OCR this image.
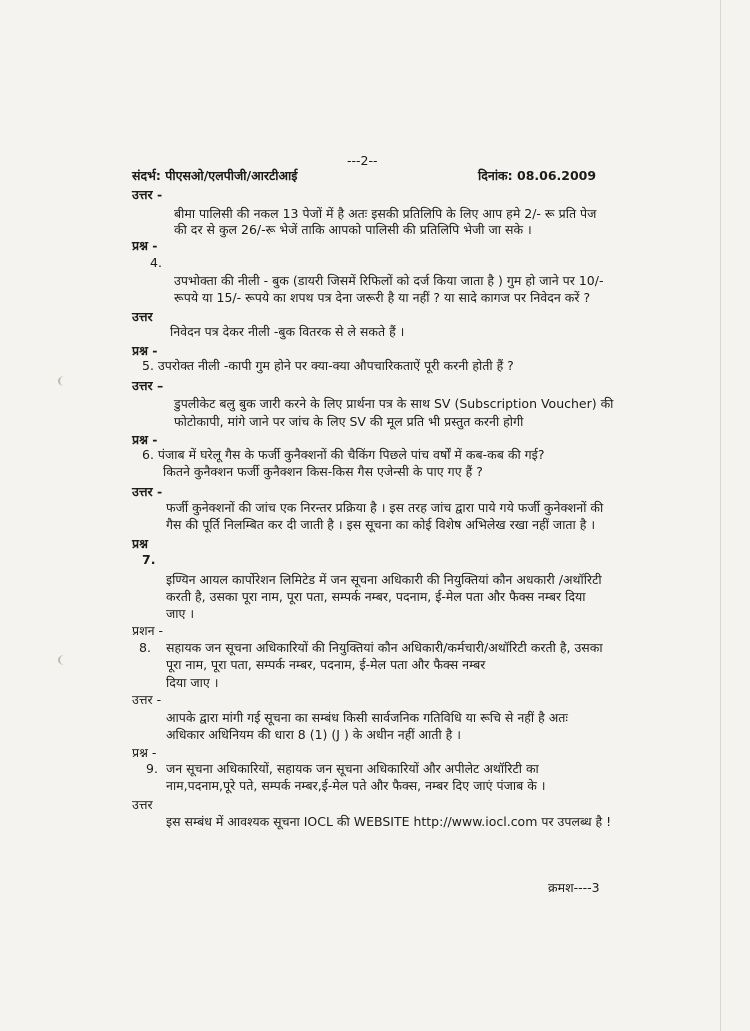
---2--
संदर्भ: पीएसओ/एलपीजी/आरटीआई	दिनांक: 08.06.2009
उत्तर -
बीमा पालिसी की नकल 13 पेजों में है अतः इसकी प्रतिलिपि के लिए आप हमे 2/- रू प्रति पेज
की दर से कुल 26/-रू भेजें ताकि आपको पालिसी की प्रतिलिपि भेजी जा सके ।
प्रश्न -
4.
उपभोक्ता की नीली - बुक (डायरी जिसमें रिफिलों को दर्ज किया जाता है ) गुम हो जाने पर 10/-
रूपये या 15/- रूपये का शपथ पत्र देना जरूरी है या नहीं ? या सादे कागज पर निवेदन करें ?
उत्तर
निवेदन पत्र देकर नीली -बुक वितरक से ले सकते हैं ।
प्रश्न -
5. उपरोक्त नीली -कापी गुम होने पर क्या-क्या औपचारिकताऐं पूरी करनी होती हैं ?
उत्तर –
डुपलीकेट बलु बुक जारी करने के लिए प्रार्थना पत्र के साथ SV (Subscription Voucher) की
फोटोकापी, मांगे जाने पर जांच के लिए SV की मूल प्रति भी प्रस्तुत करनी होगी
प्रश्न -
6. पंजाब में घरेलू गैस के फर्जी कुनैक्शनों की चैकिंग पिछले पांच वर्षों में कब-कब की गई?
कितने कुनैक्शन फर्जी कुनैक्शन किस-किस गैस एजेन्सी के पाए गए हैं ?
उत्तर -
फर्जी कुनेक्शनों की जांच एक निरन्तर प्रक्रिया है । इस तरह जांच द्वारा पाये गये फर्जी कुनेक्शनों की
गैस की पूर्ति निलम्बित कर दी जाती है । इस सूचना का कोई विशेष अभिलेख रखा नहीं जाता है ।
प्रश्न
7.
इण्यिन आयल कार्पोरेशन लिमिटेड में जन सूचना अधिकारी की नियुक्तियां कौन अधकारी /अथॉरिटी
करती है, उसका पूरा नाम, पूरा पता, सम्पर्क नम्बर, पदनाम, ई-मेल पता और फैक्स नम्बर दिया
जाए ।
प्रशन -
8. सहायक जन सूचना अधिकारियों की नियुक्तियां कौन अधिकारी/कर्मचारी/अथॉरिटी करती है, उसका
पूरा नाम, पूरा पता, सम्पर्क नम्बर, पदनाम, ई-मेल पता और फैक्स नम्बर
दिया जाए ।
उत्तर -
आपके द्वारा मांगी गई सूचना का सम्बंध किसी सार्वजनिक गतिविधि या रूचि से नहीं है अतः
अधिकार अधिनियम की धारा 8 (1) (J ) के अधीन नहीं आती है ।
प्रश्न -
9. जन सूचना अधिकारियों, सहायक जन सूचना अधिकारियों और अपीलेट अथॉरिटी का
नाम,पदनाम,पूरे पते, सम्पर्क नम्बर,ई-मेल पते और फैक्स, नम्बर दिए जाएं पंजाब के ।
उत्तर
इस सम्बंध में आवश्यक सूचना IOCL की WEBSITE http://www.iocl.com पर उपलब्ध है !
क्रमश----3
